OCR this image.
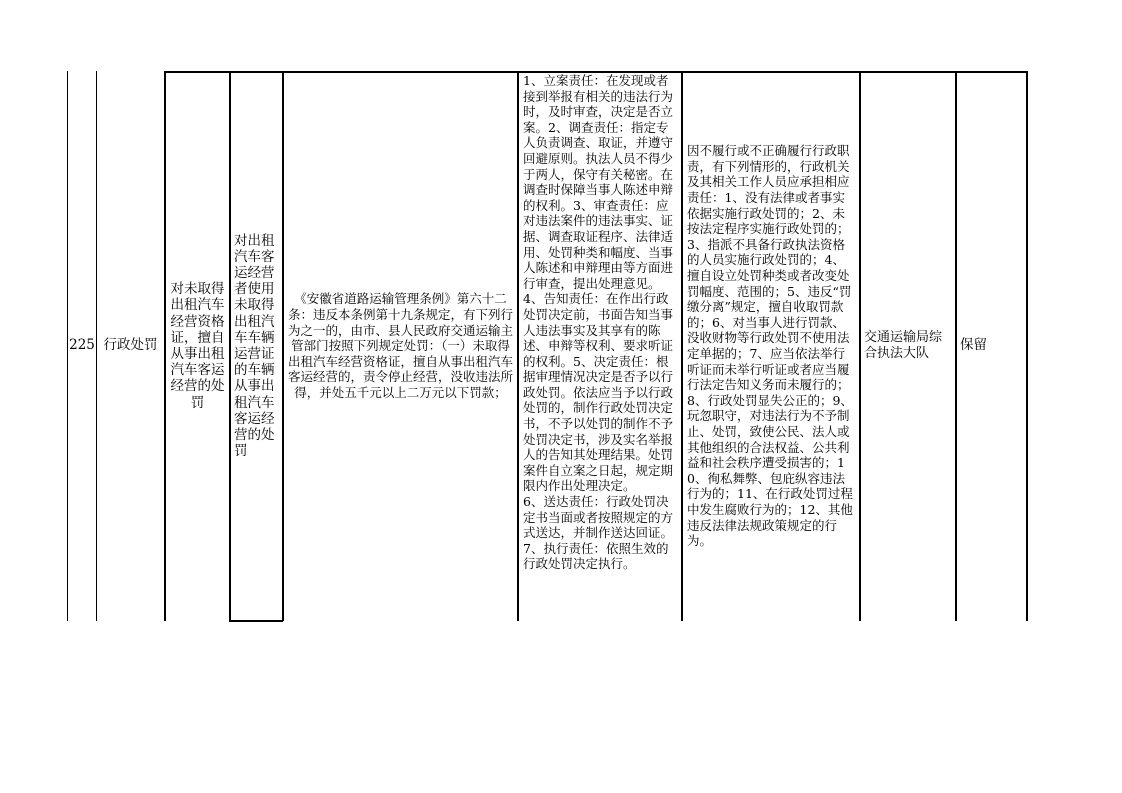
225 行政处罚
对未取得出租汽车经营资格证，擅自从事出租汽车客运经营的处罚
对出租汽车客运经营者使用未取得出租汽车车辆运营证的车辆从事出租汽车客运经营的处罚
《安徽省道路运输管理条例》第六十二条：违反本条例第十九条规定，有下列行为之一的，由市、县人民政府交通运输主管部门按照下列规定处罚：（一）未取得出租汽车经营资格证，擅自从事出租汽车客运经营的，责令停止经营，没收违法所得，并处五千元以上二万元以下罚款；
1、立案责任：在发现或者接到举报有相关的违法行为时，及时审查，决定是否立案。2、调查责任：指定专人负责调查、取证，并遵守回避原则。执法人员不得少于两人，保守有关秘密。在调查时保障当事人陈述申辩的权利。3、审查责任：应对违法案件的违法事实、证据、调查取证程序、法律适用、处罚种类和幅度、当事人陈述和申辩理由等方面进行审查，提出处理意见。4、告知责任：在作出行政处罚决定前，书面告知当事人违法事实及其享有的陈述、申辩等权利、要求听证的权利。5、决定责任：根据审理情况决定是否予以行政处罚。依法应当予以行政处罚的，制作行政处罚决定书，不予以处罚的制作不予处罚决定书，涉及实名举报人的告知其处理结果。处罚案件自立案之日起，规定期限内作出处理决定。
6、送达责任：行政处罚决定书当面或者按照规定的方式送达，并制作送达回证。7、执行责任：依照生效的行政处罚决定执行。
因不履行或不正确履行行政职责，有下列情形的，行政机关及其相关工作人员应承担相应责任：1、没有法律或者事实依据实施行政处罚的；2、未按法定程序实施行政处罚的；3、指派不具备行政执法资格的人员实施行政处罚的；4、擅自设立处罚种类或者改变处罚幅度、范围的；5、违反“罚缴分离”规定，擅自收取罚款的；6、对当事人进行罚款、没收财物等行政处罚不使用法定单据的；7、应当依法举行听证而未举行听证或者应当履行法定告知义务而未履行的；8、行政处罚显失公正的；9、玩忽职守，对违法行为不予制止、处罚，致使公民、法人或其他组织的合法权益、公共利益和社会秩序遭受损害的；10、徇私舞弊、包庇纵容违法行为的；11、在行政处罚过程中发生腐败行为的；12、其他违反法律法规政策规定的行为。
交通运输局综合执法大队
保留
